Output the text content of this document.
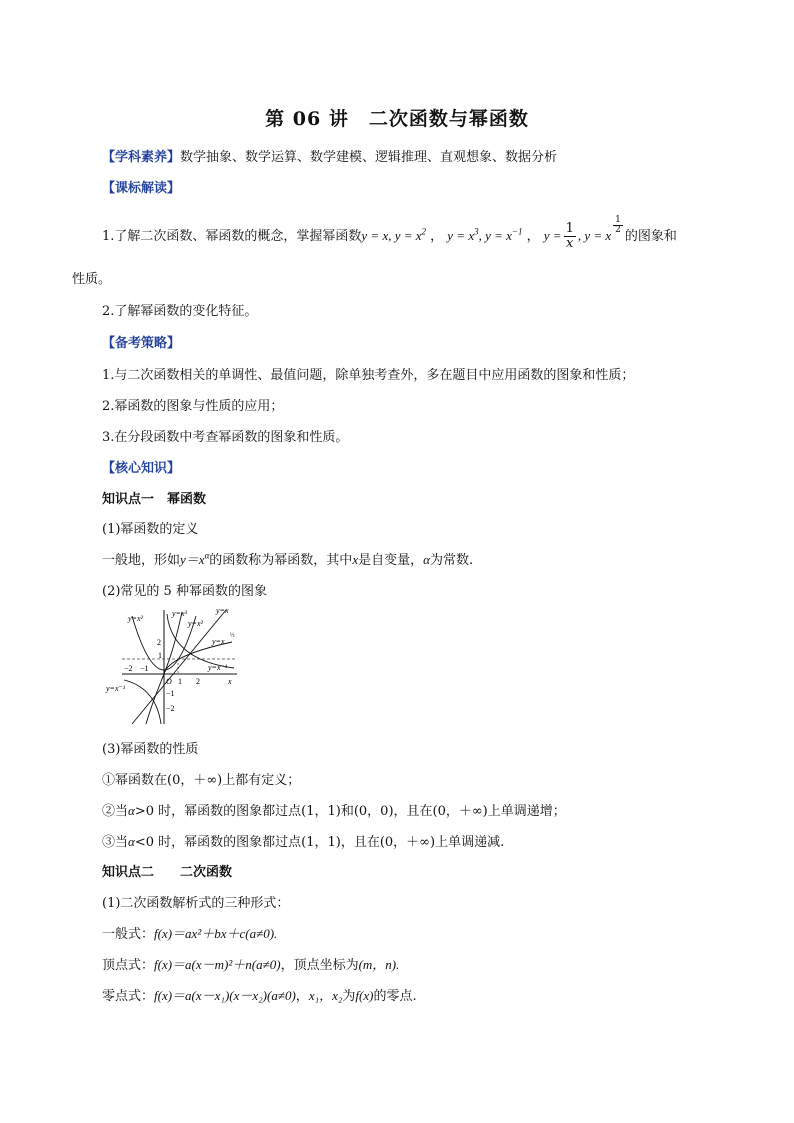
第 06 讲　二次函数与幂函数
【学科素养】数学抽象、数学运算、数学建模、逻辑推理、直观想象、数据分析
【课标解读】
1.了解二次函数、幂函数的概念，掌握幂函数y = x, $y = x^2$ ， $y = x^3$, $y = x^{-1}$ ， $y = \frac{1}{x}$ , y = x
$^{\frac{1}{2}}$
的图象和
性质。
2.了解幂函数的变化特征。
【备考策略】
1.与二次函数相关的单调性、最值问题，除单独考查外，多在题目中应用函数的图象和性质；
2.幂函数的图象与性质的应用；
3.在分段函数中考查幂函数的图象和性质。
【核心知识】
知识点一　幂函数
(1)幂函数的定义
一般地，形如$y=x^\alpha$的函数称为幂函数，其中x是自变量，α为常数.
(2)常见的 5 种幂函数的图象
y=x²
y=x³
y=x²
y=x
y=x
½
y=x⁻¹
y=x⁻¹
2
1
−2 −1
O 1 2
−1
−2
x
(3)幂函数的性质
①幂函数在(0，＋∞)上都有定义；
②当α>0 时，幂函数的图象都过点(1，1)和(0，0)，且在(0，＋∞)上单调递增；
③当α<0 时，幂函数的图象都过点(1，1)，且在(0，＋∞)上单调递减.
知识点二　　二次函数
(1)二次函数解析式的三种形式：
一般式：f(x)＝ax²＋bx＋c(a≠0).
顶点式：f(x)＝a(x－m)²＋n(a≠0)，顶点坐标为(m，n).
零点式：f(x)＝a(x－x₁)(x－x₂)(a≠0)，x₁，x₂为f(x)的零点.
